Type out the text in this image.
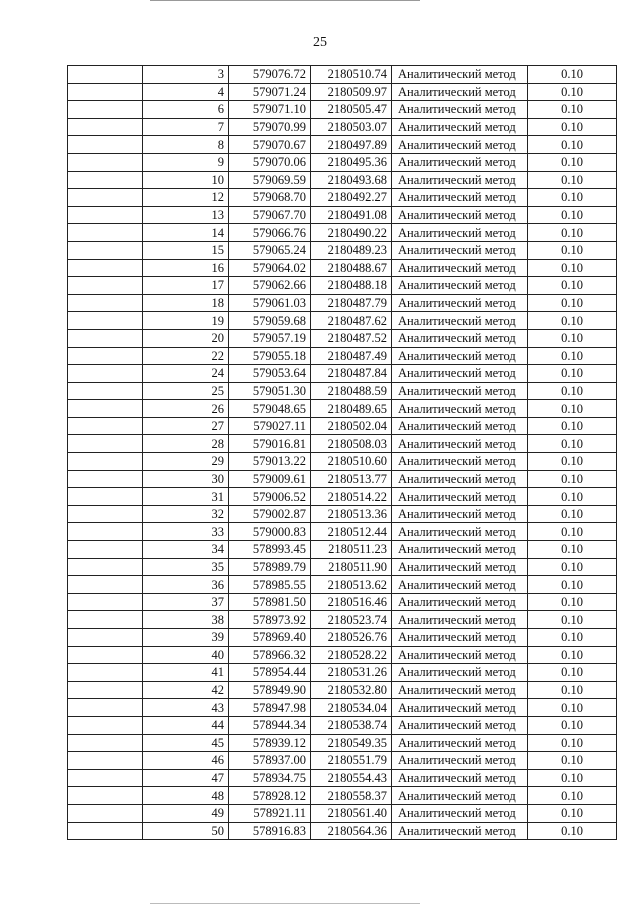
25
	3	579076.72	2180510.74	Аналитический метод	0.10
	4	579071.24	2180509.97	Аналитический метод	0.10
	6	579071.10	2180505.47	Аналитический метод	0.10
	7	579070.99	2180503.07	Аналитический метод	0.10
	8	579070.67	2180497.89	Аналитический метод	0.10
	9	579070.06	2180495.36	Аналитический метод	0.10
	10	579069.59	2180493.68	Аналитический метод	0.10
	12	579068.70	2180492.27	Аналитический метод	0.10
	13	579067.70	2180491.08	Аналитический метод	0.10
	14	579066.76	2180490.22	Аналитический метод	0.10
	15	579065.24	2180489.23	Аналитический метод	0.10
	16	579064.02	2180488.67	Аналитический метод	0.10
	17	579062.66	2180488.18	Аналитический метод	0.10
	18	579061.03	2180487.79	Аналитический метод	0.10
	19	579059.68	2180487.62	Аналитический метод	0.10
	20	579057.19	2180487.52	Аналитический метод	0.10
	22	579055.18	2180487.49	Аналитический метод	0.10
	24	579053.64	2180487.84	Аналитический метод	0.10
	25	579051.30	2180488.59	Аналитический метод	0.10
	26	579048.65	2180489.65	Аналитический метод	0.10
	27	579027.11	2180502.04	Аналитический метод	0.10
	28	579016.81	2180508.03	Аналитический метод	0.10
	29	579013.22	2180510.60	Аналитический метод	0.10
	30	579009.61	2180513.77	Аналитический метод	0.10
	31	579006.52	2180514.22	Аналитический метод	0.10
	32	579002.87	2180513.36	Аналитический метод	0.10
	33	579000.83	2180512.44	Аналитический метод	0.10
	34	578993.45	2180511.23	Аналитический метод	0.10
	35	578989.79	2180511.90	Аналитический метод	0.10
	36	578985.55	2180513.62	Аналитический метод	0.10
	37	578981.50	2180516.46	Аналитический метод	0.10
	38	578973.92	2180523.74	Аналитический метод	0.10
	39	578969.40	2180526.76	Аналитический метод	0.10
	40	578966.32	2180528.22	Аналитический метод	0.10
	41	578954.44	2180531.26	Аналитический метод	0.10
	42	578949.90	2180532.80	Аналитический метод	0.10
	43	578947.98	2180534.04	Аналитический метод	0.10
	44	578944.34	2180538.74	Аналитический метод	0.10
	45	578939.12	2180549.35	Аналитический метод	0.10
	46	578937.00	2180551.79	Аналитический метод	0.10
	47	578934.75	2180554.43	Аналитический метод	0.10
	48	578928.12	2180558.37	Аналитический метод	0.10
	49	578921.11	2180561.40	Аналитический метод	0.10
	50	578916.83	2180564.36	Аналитический метод	0.10
